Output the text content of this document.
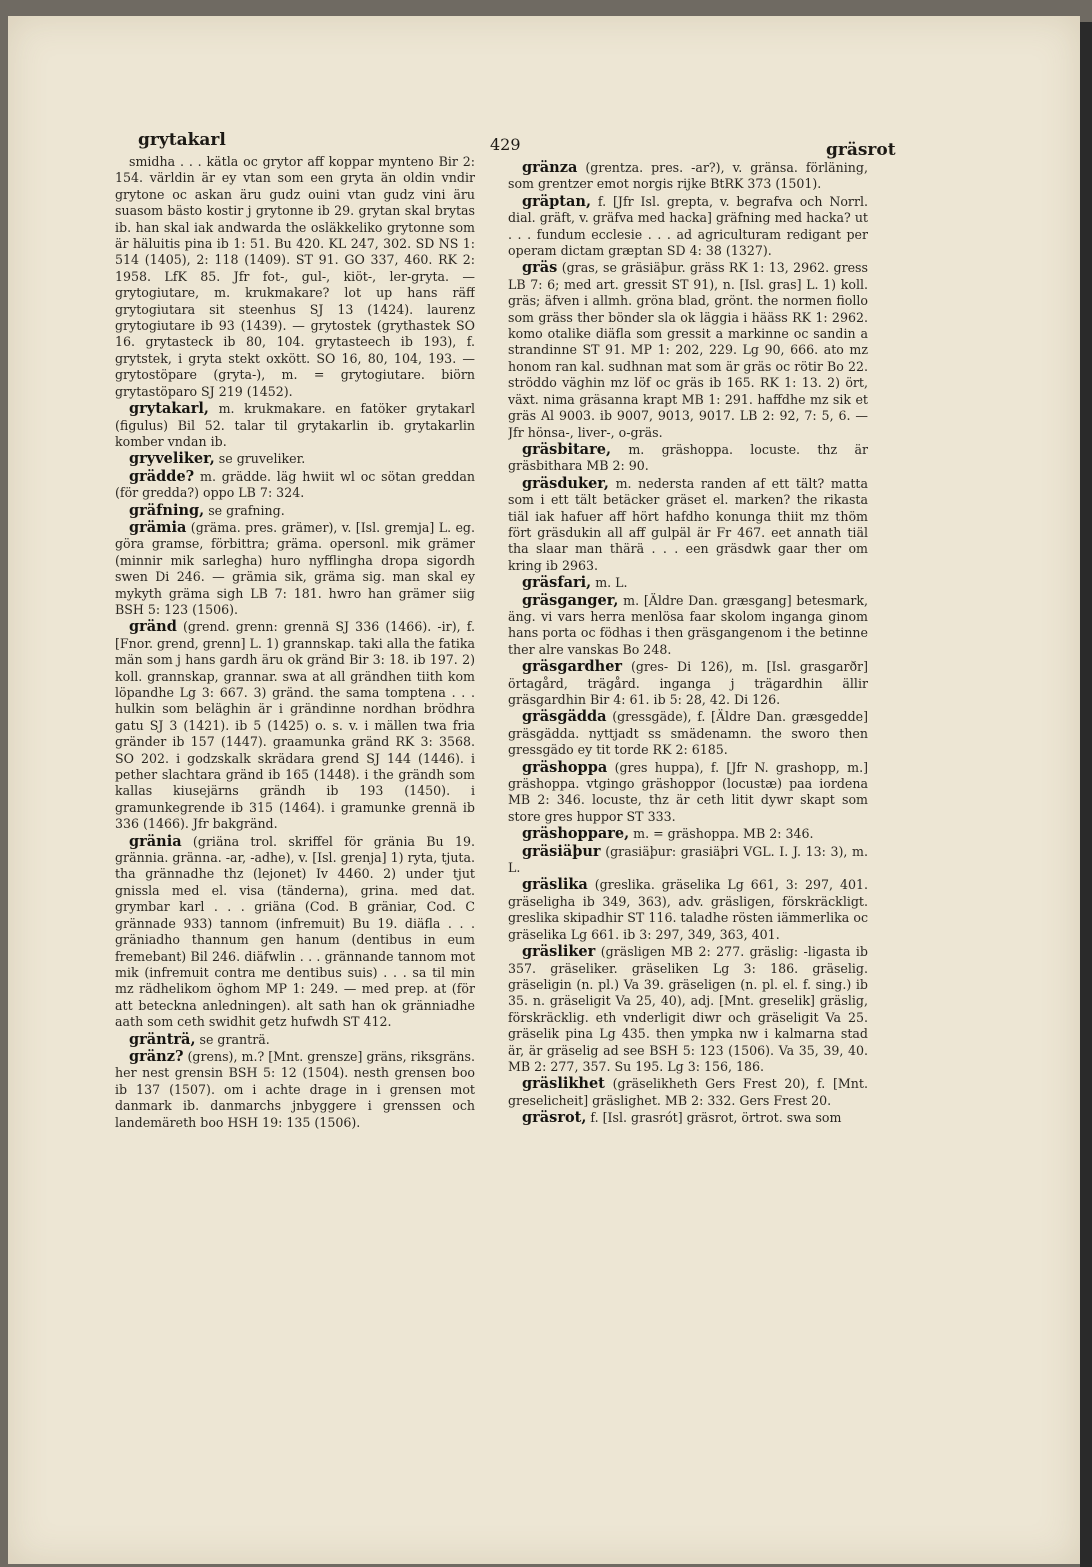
grytakarl	429	gräsrot

smidha . . . kätla oc grytor aff koppar mynteno Bir 2: 154. världin är ey vtan som een gryta än oldin vndir grytone oc askan äru gudz ouini vtan gudz vini äru suasom bästo kostir j grytonne ib 29. grytan skal brytas ib. han skal iak andwarda the osläkkeliko grytonne som är häluitis pina ib 1: 51. Bu 420. KL 247, 302. SD NS 1: 514 (1405), 2: 118 (1409). ST 91. GO 337, 460. RK 2: 1958. LfK 85. Jfr fot-, gul-, kiöt-, ler-gryta. — grytogiutare, m. krukmakare? lot up hans räff grytogiutara sit steenhus SJ 13 (1424). laurenz grytogiutare ib 93 (1439). — grytostek (grythastek SO 16. grytasteck ib 80, 104. grytasteech ib 193), f. grytstek, i gryta stekt oxkött. SO 16, 80, 104, 193. — grytostöpare (gryta-), m. = grytogiutare. biörn grytastöparo SJ 219 (1452).

grytakarl, m. krukmakare. en fatöker grytakarl (figulus) Bil 52. talar til grytakarlin ib. grytakarlin komber vndan ib.

gryveliker, se gruveliker.

grädde? m. grädde. läg hwiit wl oc sötan greddan (för gredda?) oppo LB 7: 324.

gräfning, se grafning.

grämia (gräma. pres. grämer), v. [Isl. gremja] L. eg. göra gramse, förbittra; gräma. opersonl. mik grämer (minnir mik sarlegha) huro nyfflingha dropa sigordh swen Di 246. — grämia sik, gräma sig. man skal ey mykyth gräma sigh LB 7: 181. hwro han grämer siig BSH 5: 123 (1506).

gränd (grend. grenn: grennä SJ 336 (1466). -ir), f. [Fnor. grend, grenn] L. 1) grannskap. taki alla the fatika män som j hans gardh äru ok gränd Bir 3: 18. ib 197. 2) koll. grannskap, grannar. swa at all grändhen tiith kom löpandhe Lg 3: 667. 3) gränd. the sama tomptena . . . hulkin som beläghin är i grändinne nordhan brödhra gatu SJ 3 (1421). ib 5 (1425) o. s. v. i mällen twa fria gränder ib 157 (1447). graamunka gränd RK 3: 3568. SO 202. i godzskalk skrädara grend SJ 144 (1446). i pether slachtara gränd ib 165 (1448). i the grändh som kallas kiusejärns grändh ib 193 (1450). i gramunkegrende ib 315 (1464). i gramunke grennä ib 336 (1466). Jfr bakgränd.

gränia (griäna trol. skriffel för gränia Bu 19. grännia. gränna. -ar, -adhe), v. [Isl. grenja] 1) ryta, tjuta. tha grännadhe thz (lejonet) Iv 4460. 2) under tjut gnissla med el. visa (tänderna), grina. med dat. grymbar karl . . . griäna (Cod. B gräniar, Cod. C grännade 933) tannom (infremuit) Bu 19. diäfla . . . gräniadho thannum gen hanum (dentibus in eum fremebant) Bil 246. diäfwlin . . . grännande tannom mot mik (infremuit contra me dentibus suis) . . . sa til min mz rädhelikom öghom MP 1: 249. — med prep. at (för att beteckna anledningen). alt sath han ok gränniadhe aath som ceth swidhit getz hufwdh ST 412.

gränträ, se granträ.

gränz? (grens), m.? [Mnt. grensze] gräns, riksgräns. her nest grensin BSH 5: 12 (1504). nesth grensen boo ib 137 (1507). om i achte drage in i grensen mot danmark ib. danmarchs jnbyggere i grenssen och landemäreth boo HSH 19: 135 (1506).

gränza (grentza. pres. -ar?), v. gränsa. förläning, som grentzer emot norgis rijke BtRK 373 (1501).

gräptan, f. [Jfr Isl. grepta, v. begrafva och Norrl. dial. gräft, v. gräfva med hacka] gräfning med hacka? ut . . . fundum ecclesie . . . ad agriculturam redigant per operam dictam græptan SD 4: 38 (1327).

gräs (gras, se gräsiäþur. gräss RK 1: 13, 2962. gress LB 7: 6; med art. gressit ST 91), n. [Isl. gras] L. 1) koll. gräs; äfven i allmh. gröna blad, grönt. the normen fiollo som gräss ther bönder sla ok läggia i hääss RK 1: 2962. komo otalike diäfla som gressit a markinne oc sandin a strandinne ST 91. MP 1: 202, 229. Lg 90, 666. ato mz honom ran kal. sudhnan mat som är gräs oc rötir Bo 22. ströddo väghin mz löf oc gräs ib 165. RK 1: 13. 2) ört, växt. nima gräsanna krapt MB 1: 291. haffdhe mz sik et gräs Al 9003. ib 9007, 9013, 9017. LB 2: 92, 7: 5, 6. — Jfr hönsa-, liver-, o-gräs.

gräsbitare, m. gräshoppa. locuste. thz är gräsbithara MB 2: 90.

gräsduker, m. nedersta randen af ett tält? matta som i ett tält betäcker gräset el. marken? the rikasta tiäl iak hafuer aff hört hafdho konunga thiit mz thöm fört gräsdukin all aff gulpäl är Fr 467. eet annath tiäl tha slaar man thärä . . . een gräsdwk gaar ther om kring ib 2963.

gräsfari, m. L.

gräsganger, m. [Äldre Dan. græsgang] betesmark, äng. vi vars herra menlösa faar skolom inganga ginom hans porta oc födhas i then gräsgangenom i the betinne ther alre vanskas Bo 248.

gräsgardher (gres- Di 126), m. [Isl. grasgarðr] örtagård, trägård. inganga j trägardhin ällir gräsgardhin Bir 4: 61. ib 5: 28, 42. Di 126.

gräsgädda (gressgäde), f. [Äldre Dan. græsgedde] gräsgädda. nyttjadt ss smädenamn. the sworo then gressgädo ey tit torde RK 2: 6185.

gräshoppa (gres huppa), f. [Jfr N. grashopp, m.] gräshoppa. vtgingo gräshoppor (locustæ) paa iordena MB 2: 346. locuste, thz är ceth litit dywr skapt som store gres huppor ST 333.

gräshoppare, m. = gräshoppa. MB 2: 346.

gräsiäþur (grasiäþur: grasiäþri VGL. I. J. 13: 3), m. L.

gräslika (greslika. gräselika Lg 661, 3: 297, 401. gräseligha ib 349, 363), adv. gräsligen, förskräckligt. greslika skipadhir ST 116. taladhe rösten iämmerlika oc gräselika Lg 661. ib 3: 297, 349, 363, 401.

gräsliker (gräsligen MB 2: 277. gräslig: -ligasta ib 357. gräseliker. gräseliken Lg 3: 186. gräselig. gräseligin (n. pl.) Va 39. gräseligen (n. pl. el. f. sing.) ib 35. n. gräseligit Va 25, 40), adj. [Mnt. greselik] gräslig, förskräcklig. eth vnderligit diwr och gräseligit Va 25. gräselik pina Lg 435. then ympka nw i kalmarna stad är, är gräselig ad see BSH 5: 123 (1506). Va 35, 39, 40. MB 2: 277, 357. Su 195. Lg 3: 156, 186.

gräslikhet (gräselikheth Gers Frest 20), f. [Mnt. greselicheit] gräslighet. MB 2: 332. Gers Frest 20.

gräsrot, f. [Isl. grasrót] gräsrot, örtrot. swa som
